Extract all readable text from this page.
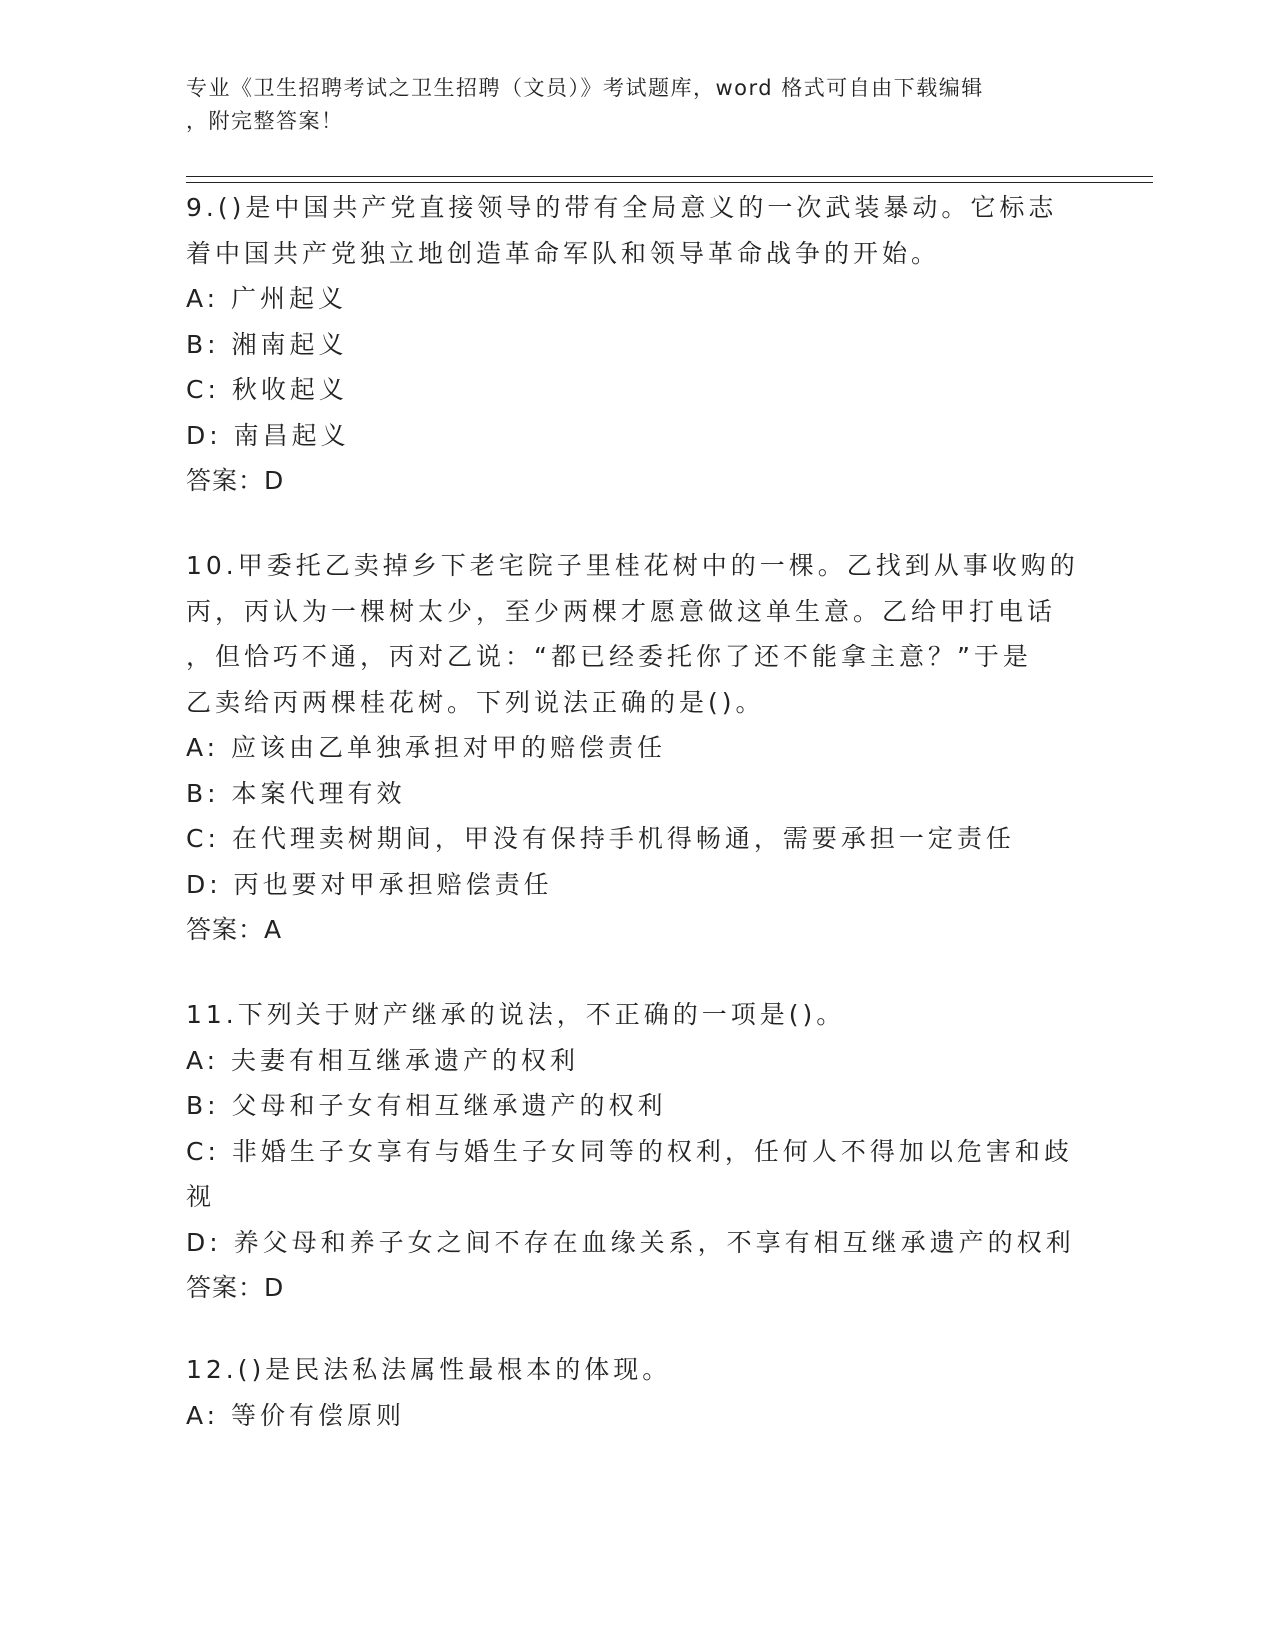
专业《卫生招聘考试之卫生招聘（文员）》考试题库，word 格式可自由下载编辑
，附完整答案！

9.()是中国共产党直接领导的带有全局意义的一次武装暴动。它标志

着中国共产党独立地创造革命军队和领导革命战争的开始。

A: 广州起义

B: 湘南起义

C: 秋收起义

D: 南昌起义

答案：D

10.甲委托乙卖掉乡下老宅院子里桂花树中的一棵。乙找到从事收购的

丙，丙认为一棵树太少，至少两棵才愿意做这单生意。乙给甲打电话

，但恰巧不通，丙对乙说：“都已经委托你了还不能拿主意？”于是

乙卖给丙两棵桂花树。下列说法正确的是()。

A: 应该由乙单独承担对甲的赔偿责任

B: 本案代理有效

C: 在代理卖树期间，甲没有保持手机得畅通，需要承担一定责任

D: 丙也要对甲承担赔偿责任

答案：A

11.下列关于财产继承的说法，不正确的一项是()。

A: 夫妻有相互继承遗产的权利

B: 父母和子女有相互继承遗产的权利

C: 非婚生子女享有与婚生子女同等的权利，任何人不得加以危害和歧

视

D: 养父母和养子女之间不存在血缘关系，不享有相互继承遗产的权利

答案：D

12.()是民法私法属性最根本的体现。

A: 等价有偿原则
